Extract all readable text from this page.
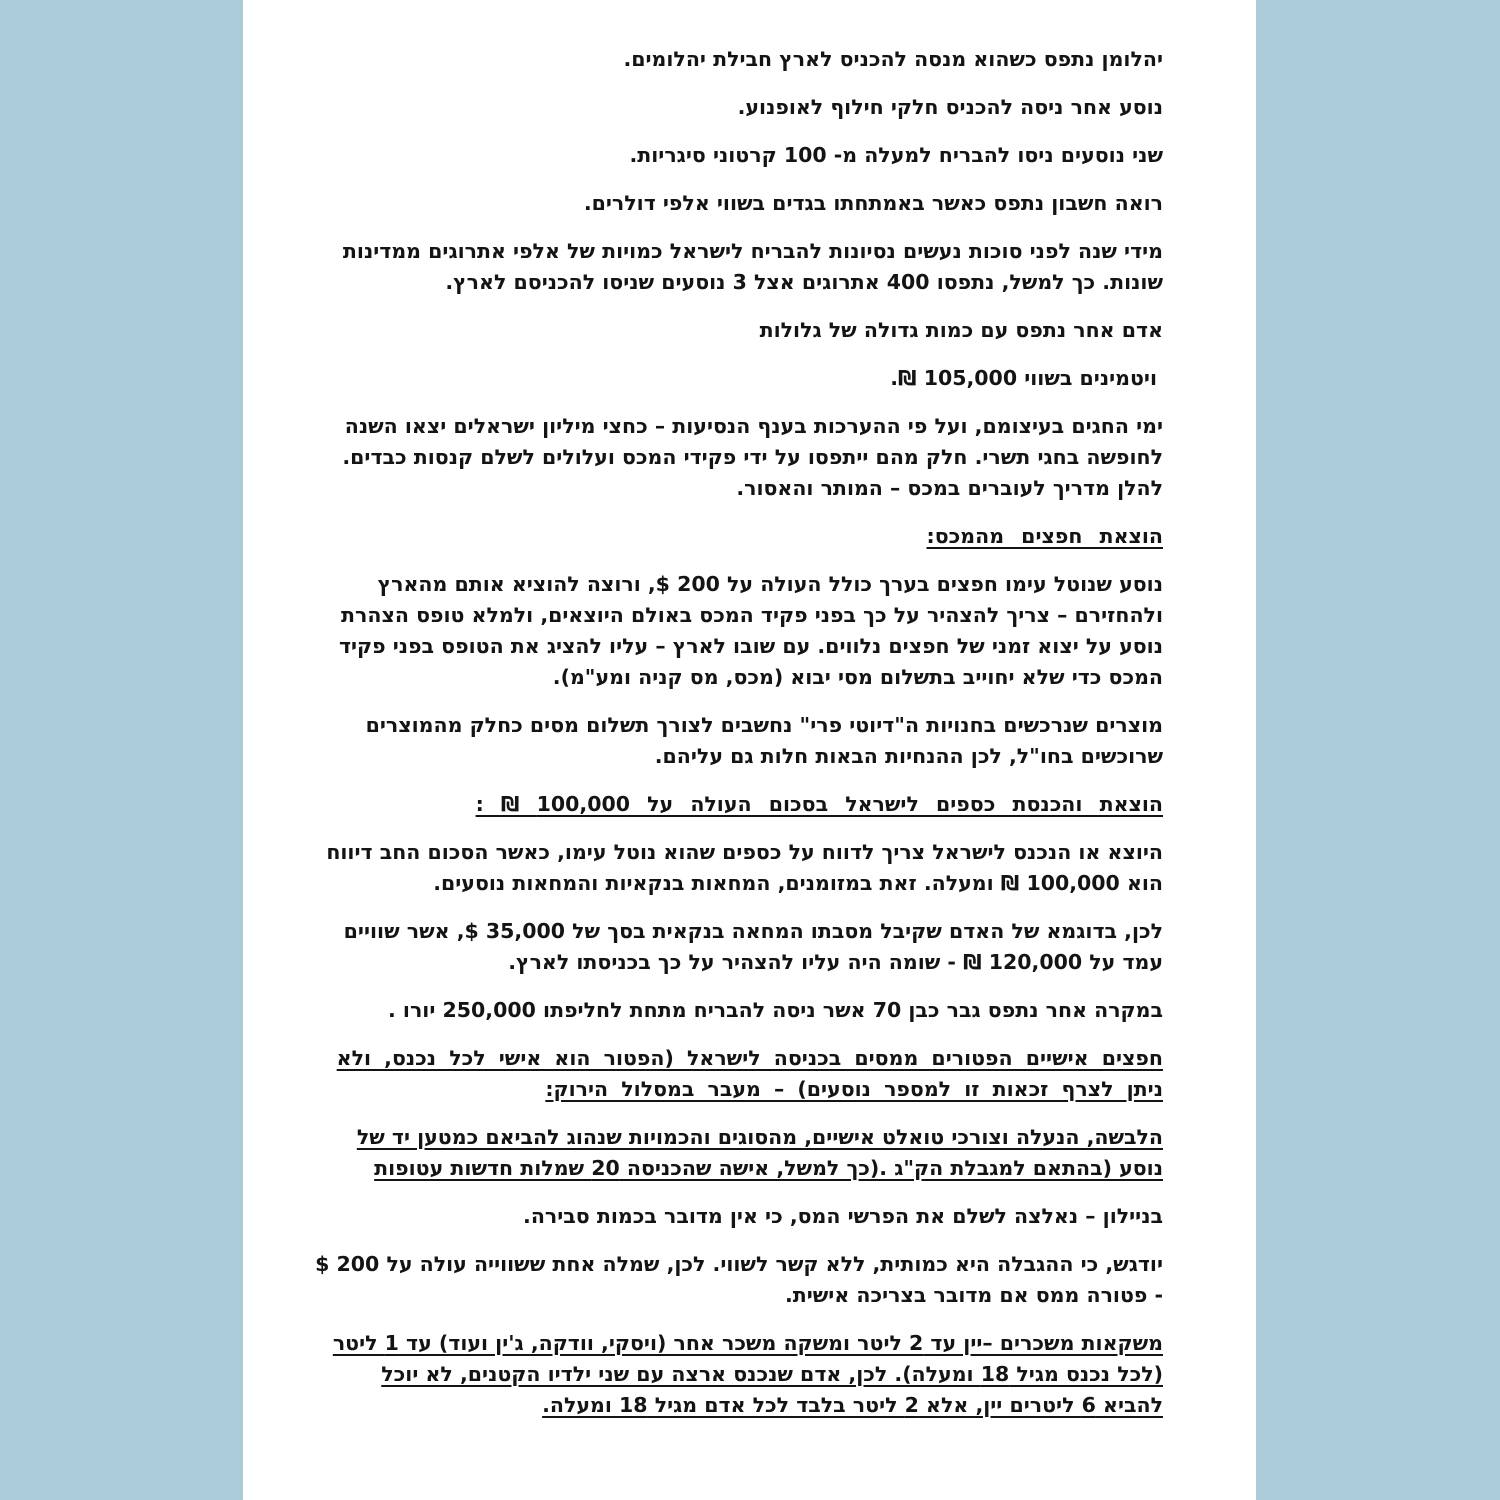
יהלומן נתפס כשהוא מנסה להכניס לארץ חבילת יהלומים.

נוסע אחר ניסה להכניס חלקי חילוף לאופנוע.

שני נוסעים ניסו להבריח למעלה מ- 100 קרטוני סיגריות.

רואה חשבון נתפס כאשר באמתחתו בגדים בשווי אלפי דולרים.

מידי שנה לפני סוכות נעשים נסיונות להבריח לישראל כמויות של אלפי אתרוגים ממדינות שונות. כך למשל, נתפסו 400 אתרוגים אצל 3 נוסעים שניסו להכניסם לארץ.

אדם אחר נתפס עם כמות גדולה של גלולות

ויטמינים בשווי 105,000 ₪.

ימי החגים בעיצומם, ועל פי ההערכות בענף הנסיעות – כחצי מיליון ישראלים יצאו השנה לחופשה בחגי תשרי. חלק מהם ייתפסו על ידי פקידי המכס ועלולים לשלם קנסות כבדים. להלן מדריך לעוברים במכס – המותר והאסור.

הוצאת חפצים מהמכס:

נוסע שנוטל עימו חפצים בערך כולל העולה על 200 $, ורוצה להוציא אותם מהארץ ולהחזירם – צריך להצהיר על כך בפני פקיד המכס באולם היוצאים, ולמלא טופס הצהרת נוסע על יצוא זמני של חפצים נלווים. עם שובו לארץ – עליו להציג את הטופס בפני פקיד המכס כדי שלא יחוייב בתשלום מסי יבוא (מכס, מס קניה ומע"מ).

מוצרים שנרכשים בחנויות ה"דיוטי פרי" נחשבים לצורך תשלום מסים כחלק מהמוצרים שרוכשים בחו"ל, לכן ההנחיות הבאות חלות גם עליהם.

הוצאת והכנסת כספים לישראל בסכום העולה על 100,000 ₪ :

היוצא או הנכנס לישראל צריך לדווח על כספים שהוא נוטל עימו, כאשר הסכום החב דיווח הוא 100,000 ₪ ומעלה. זאת במזומנים, המחאות בנקאיות והמחאות נוסעים.

לכן, בדוגמא של האדם שקיבל מסבתו המחאה בנקאית בסך של 35,000 $, אשר שוויים עמד על 120,000 ₪ - שומה היה עליו להצהיר על כך בכניסתו לארץ.

במקרה אחר נתפס גבר כבן 70 אשר ניסה להבריח מתחת לחליפתו 250,000 יורו .

חפצים אישיים הפטורים ממסים בכניסה לישראל (הפטור הוא אישי לכל נכנס, ולא ניתן לצרף זכאות זו למספר נוסעים) – מעבר במסלול הירוק:

הלבשה, הנעלה וצורכי טואלט אישיים, מהסוגים והכמויות שנהוג להביאם כמטען יד של נוסע (בהתאם למגבלת הק"ג .(כך למשל, אישה שהכניסה 20 שמלות חדשות עטופות

בניילון – נאלצה לשלם את הפרשי המס, כי אין מדובר בכמות סבירה.

יודגש, כי ההגבלה היא כמותית, ללא קשר לשווי. לכן, שמלה אחת ששווייה עולה על 200 $ - פטורה ממס אם מדובר בצריכה אישית.

משקאות משכרים –יין עד 2 ליטר ומשקה משכר אחר (ויסקי, וודקה, ג'ין ועוד) עד 1 ליטר (לכל נכנס מגיל 18 ומעלה). לכן, אדם שנכנס ארצה עם שני ילדיו הקטנים, לא יוכל להביא 6 ליטרים יין, אלא 2 ליטר בלבד לכל אדם מגיל 18 ומעלה.
